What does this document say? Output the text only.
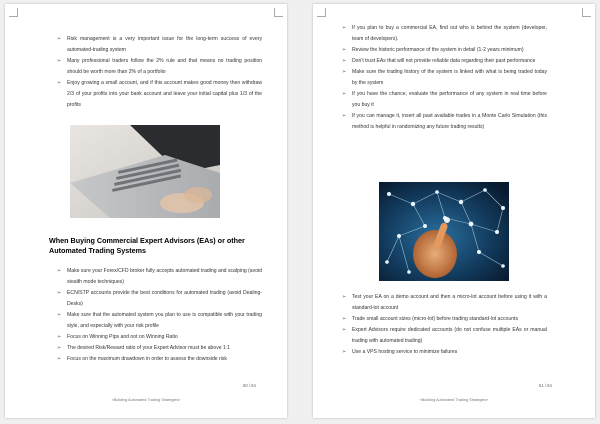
➢ Risk management is a very important issue for the long-term success of every automated-trading system
➢ Many professional traders follow the 2% rule and that means no trading position should be worth more than 2% of a portfolio
➢ Enjoy growing a small account, and if this account makes good money then withdraw 2/3 of your profits into your bank account and leave your initial capital plus 1/3 of the profits
When Buying Commercial Expert Advisors (EAs) or other Automated Trading Systems
➢ Make sure your Forex/CFD broker fully accepts automated trading and scalping (avoid stealth mode techniques)
➢ ECN/STP accounts provide the best conditions for automated trading (avoid Dealing-Desks)
➢ Make sure that the automated system you plan to use is compatible with your trading style, and especially with your risk profile
➢ Focus on Winning Pips and not on Winning Ratio
➢ The desired Risk/Reward ratio of your Expert Advisor must be above 1:1
➢ Focus on the maximum drawdown in order to assess the downside risk
50 / 64
«Building Automated Trading Strategies»
➢ If you plan to buy a commercial EA, find out who is behind the system (developer, team of developers).
➢ Review the historic performance of the system in detail (1-2 years minimum)
➢ Don't trust EAs that will not provide reliable data regarding their past performance
➢ Make sure the trading history of the system is linked with what is being traded today by the system
➢ If you have the chance, evaluate the performance of any system in real time before you buy it
➢ If you can manage it, insert all past available trades in a Monte Carlo Simulation (this method is helpful in randomizing any future trading results)
➢ Test your EA on a demo account and then a micro-lot account before using it with a standard-lot account
➢ Trade small account sizes (micro-lot) before trading standard-lot accounts
➢ Expert Advisors require dedicated accounts (do not confuse multiple EAs or manual trading with automated trading)
➢ Use a VPS hosting service to minimize failures
51 / 64
«Building Automated Trading Strategies»
